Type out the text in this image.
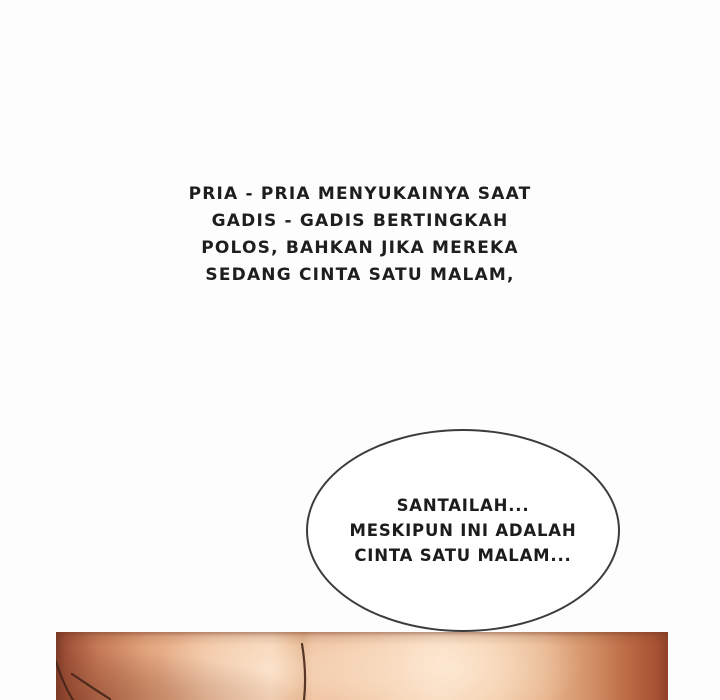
PRIA - PRIA MENYUKAINYA SAAT
GADIS - GADIS BERTINGKAH
POLOS, BAHKAN JIKA MEREKA
SEDANG CINTA SATU MALAM,
SANTAILAH...
MESKIPUN INI ADALAH
CINTA SATU MALAM...
